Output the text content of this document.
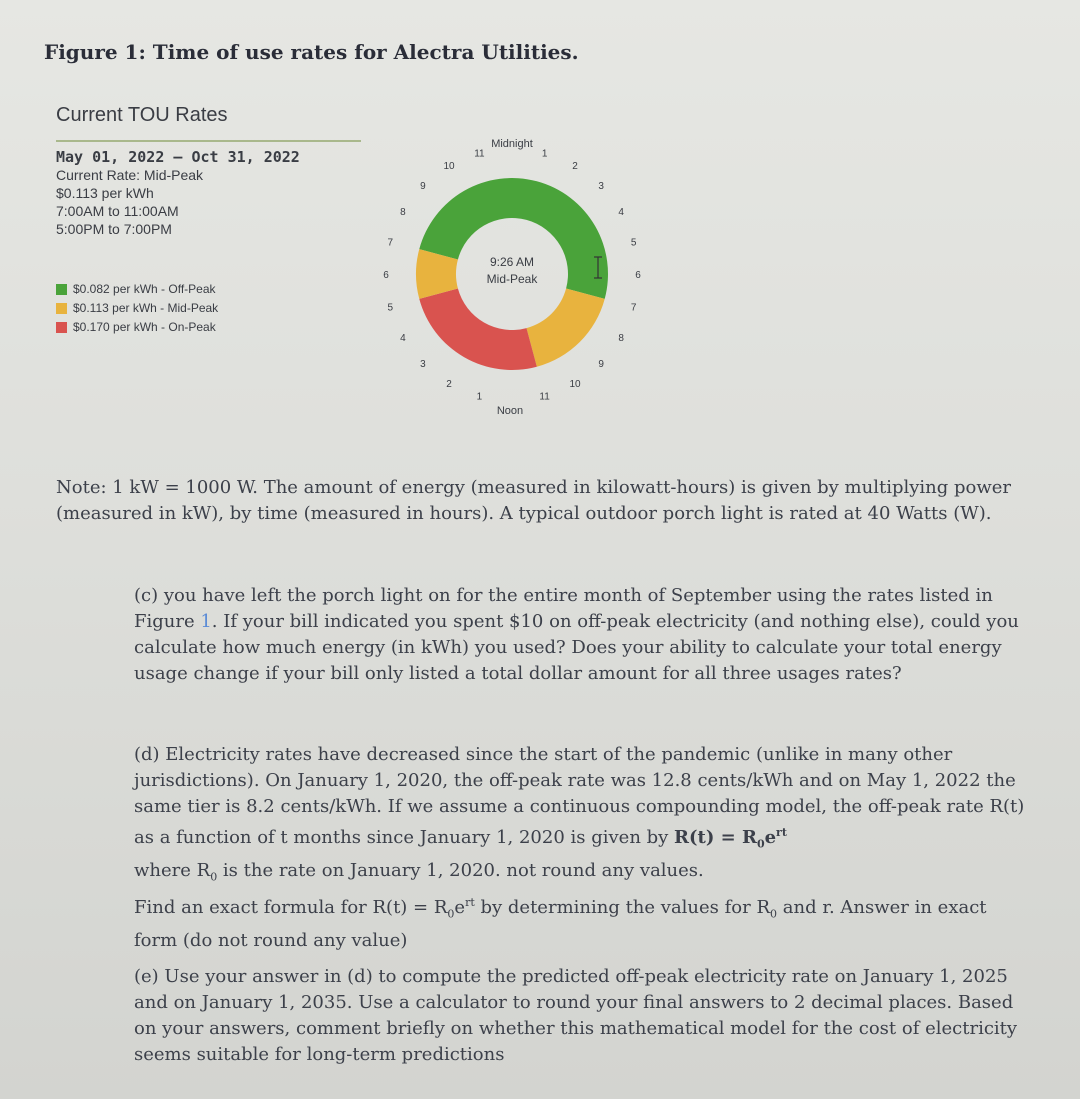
Figure 1: Time of use rates for Alectra Utilities.
Current TOU Rates
May 01, 2022 – Oct 31, 2022
Current Rate: Mid-Peak
$0.113 per kWh
7:00AM to 11:00AM
5:00PM to 7:00PM
$0.082 per kWh - Off-Peak
$0.113 per kWh - Mid-Peak
$0.170 per kWh - On-Peak
11	1
2
3
4
5
6
7
8
9
10
11
1
2
3
4
5
6
7
8
9
10
Midnight
Noon
9:26 AM
Mid-Peak
Note: 1 kW = 1000 W. The amount of energy (measured in kilowatt-hours) is given by multiplying power (measured in kW), by time (measured in hours). A typical outdoor porch light is rated at 40 Watts (W).
(c) you have left the porch light on for the entire month of September using the rates listed in Figure 1. If your bill indicated you spent $10 on off-peak electricity (and nothing else), could you calculate how much energy (in kWh) you used? Does your ability to calculate your total energy usage change if your bill only listed a total dollar amount for all three usages rates?
(d) Electricity rates have decreased since the start of the pandemic (unlike in many other jurisdictions). On January 1, 2020, the off-peak rate was 12.8 cents/kWh and on May 1, 2022 the same tier is 8.2 cents/kWh. If we assume a continuous compounding model, the off-peak rate R(t) as a function of t months since January 1, 2020 is given by $R(t) = R_0e^{rt}$
where $R_0$ is the rate on January 1, 2020. not round any values.
Find an exact formula for $R(t) = R_0e^{rt}$ by determining the values for $R_0$ and r. Answer in exact form (do not round any value)
(e) Use your answer in (d) to compute the predicted off-peak electricity rate on January 1, 2025 and on January 1, 2035. Use a calculator to round your final answers to 2 decimal places. Based on your answers, comment briefly on whether this mathematical model for the cost of electricity seems suitable for long-term predictions
